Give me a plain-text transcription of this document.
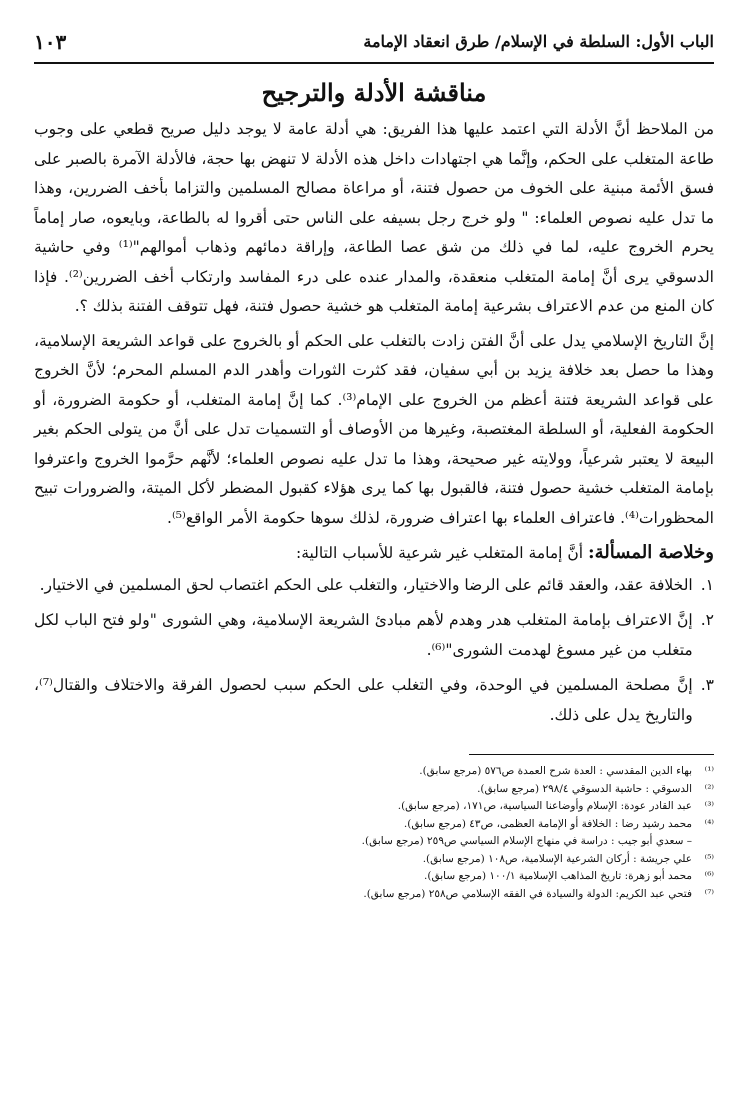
الباب الأول: السلطة في الإسلام/ طرق انعقاد الإمامة
١٠٣
مناقشة الأدلة والترجيح

من الملاحظ أنَّ الأدلة التي اعتمد عليها هذا الفريق: هي أدلة عامة لا يوجد دليل صريح قطعي على وجوب طاعة المتغلب على الحكم، وإنَّما هي اجتهادات داخل هذه الأدلة لا تنهض بها حجة، فالأدلة الآمرة بالصبر على فسق الأئمة مبنية على الخوف من حصول فتنة، أو مراعاة مصالح المسلمين والتزاما بأخف الضررين، وهذا ما تدل عليه نصوص العلماء: " ولو خرج رجل بسيفه على الناس حتى أقروا له بالطاعة، وبايعوه، صار إماماً يحرم الخروج عليه، لما في ذلك من شق عصا الطاعة، وإراقة دمائهم وذهاب أموالهم"⁽¹⁾ وفي حاشية الدسوقي يرى أنَّ إمامة المتغلب منعقدة، والمدار عنده على درء المفاسد وارتكاب أخف الضررين⁽²⁾. فإذا كان المنع من عدم الاعتراف بشرعية إمامة المتغلب هو خشية حصول فتنة، فهل تتوقف الفتنة بذلك ؟.

إنَّ التاريخ الإسلامي يدل على أنَّ الفتن زادت بالتغلب على الحكم أو بالخروج على قواعد الشريعة الإسلامية، وهذا ما حصل بعد خلافة يزيد بن أبي سفيان، فقد كثرت الثورات وأهدر الدم المسلم المحرم؛ لأنَّ الخروج على قواعد الشريعة فتنة أعظم من الخروج على الإمام⁽³⁾. كما إنَّ إمامة المتغلب، أو حكومة الضرورة، أو الحكومة الفعلية، أو السلطة المغتصبة، وغيرها من الأوصاف أو التسميات تدل على أنَّ من يتولى الحكم بغير البيعة لا يعتبر شرعياً، وولايته غير صحيحة، وهذا ما تدل عليه نصوص العلماء؛ لأنَّهم حرَّموا الخروج واعترفوا بإمامة المتغلب خشية حصول فتنة، فالقبول بها كما يرى هؤلاء كقبول المضطر لأكل الميتة، والضرورات تبيح المحظورات⁽⁴⁾. فاعتراف العلماء بها اعتراف ضرورة، لذلك سوها حكومة الأمر الواقع⁽⁵⁾.

وخلاصة المسألة: أنَّ إمامة المتغلب غير شرعية للأسباب التالية:
١.
الخلافة عقد، والعقد قائم على الرضا والاختيار، والتغلب على الحكم اغتصاب لحق المسلمين في الاختيار.
٢.
إنَّ الاعتراف بإمامة المتغلب هدر وهدم لأهم مبادئ الشريعة الإسلامية، وهي الشورى "ولو فتح الباب لكل متغلب من غير مسوغ لهدمت الشورى"⁽⁶⁾.
٣.
إنَّ مصلحة المسلمين في الوحدة، وفي التغلب على الحكم سبب لحصول الفرقة والاختلاف والقتال⁽⁷⁾، والتاريخ يدل على ذلك.
⁽¹⁾بهاء الدين المقدسي : العدة شرح العمدة ص٥٧٦ (مرجع سابق).
⁽²⁾الدسوقي : حاشية الدسوقي ٢٩٨/٤ (مرجع سابق).
⁽³⁾عبد القادر عودة: الإسلام وأوضاعنا السياسية، ص١٧١، (مرجع سابق).
⁽⁴⁾محمد رشيد رضا : الخلافة أو الإمامة العظمى، ص٤٣ (مرجع سابق).
– سعدي أبو جيب : دراسة في منهاج الإسلام السياسي ص٢٥٩ (مرجع سابق).
⁽⁵⁾علي جريشة : أركان الشرعية الإسلامية، ص١٠٨ (مرجع سابق).
⁽⁶⁾محمد أبو زهرة: تاريخ المذاهب الإسلامية ١٠٠/١ (مرجع سابق).
⁽⁷⁾فتحي عبد الكريم: الدولة والسيادة في الفقه الإسلامي ص٢٥٨ (مرجع سابق).
